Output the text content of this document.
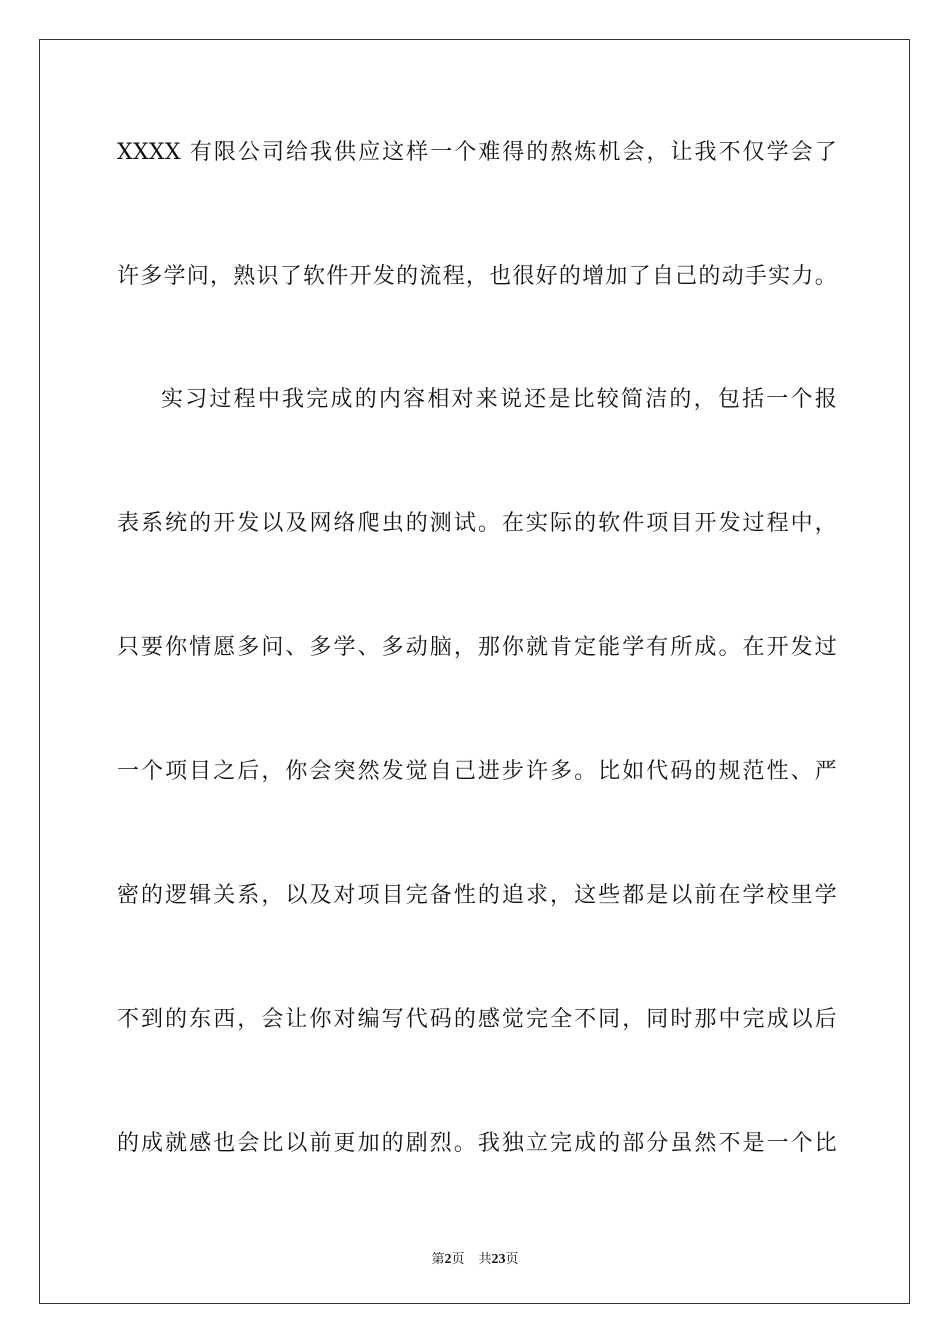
XXXX 有限公司给我供应这样一个难得的熬炼机会，让我不仅学会了
许多学问，熟识了软件开发的流程，也很好的增加了自己的动手实力。
实习过程中我完成的内容相对来说还是比较简洁的，包括一个报
表系统的开发以及网络爬虫的测试。在实际的软件项目开发过程中，
只要你情愿多问、多学、多动脑，那你就肯定能学有所成。在开发过
一个项目之后，你会突然发觉自己进步许多。比如代码的规范性、严
密的逻辑关系，以及对项目完备性的追求，这些都是以前在学校里学
不到的东西，会让你对编写代码的感觉完全不同，同时那中完成以后
的成就感也会比以前更加的剧烈。我独立完成的部分虽然不是一个比
第2页 共23页
